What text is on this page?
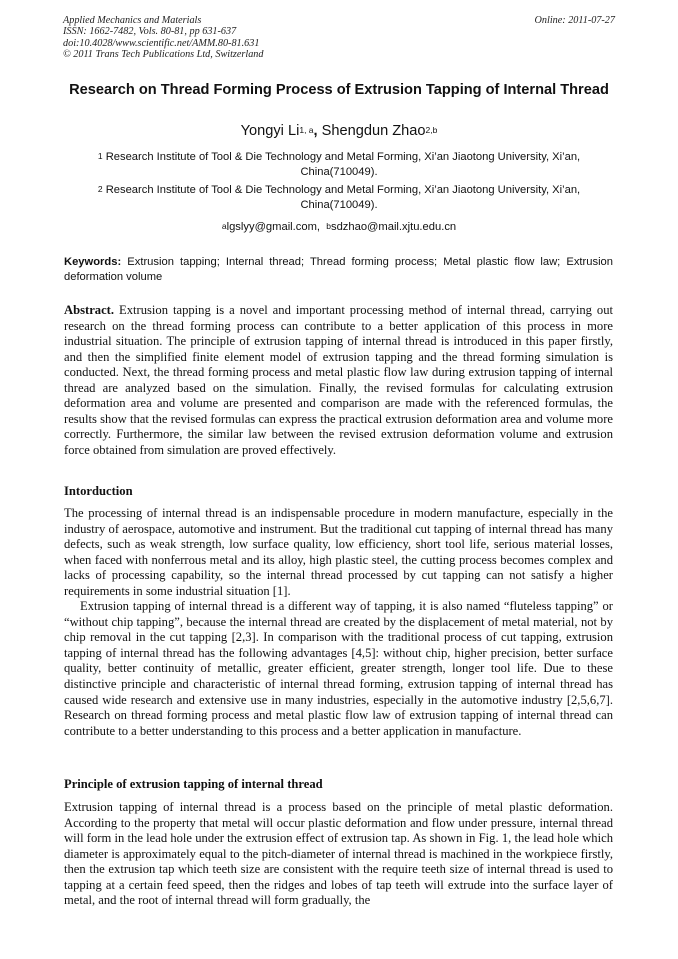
Applied Mechanics and Materials
ISSN: 1662-7482, Vols. 80-81, pp 631-637
doi:10.4028/www.scientific.net/AMM.80-81.631
© 2011 Trans Tech Publications Ltd, Switzerland
Online: 2011-07-27
Research on Thread Forming Process of Extrusion Tapping of Internal Thread
Yongyi Li$^{1, a}$, Shengdun Zhao$^{2,b}$
$^1$ Research Institute of Tool & Die Technology and Metal Forming, Xi’an Jiaotong University, Xi’an, China(710049).
$^2$ Research Institute of Tool & Die Technology and Metal Forming, Xi’an Jiaotong University, Xi’an, China(710049).
$^a$lgslyy@gmail.com, $^b$sdzhao@mail.xjtu.edu.cn
Keywords: Extrusion tapping; Internal thread; Thread forming process; Metal plastic flow law; Extrusion deformation volume
Abstract. Extrusion tapping is a novel and important processing method of internal thread, carrying out research on the thread forming process can contribute to a better application of this process in more industrial situation. The principle of extrusion tapping of internal thread is introduced in this paper firstly, and then the simplified finite element model of extrusion tapping and the thread forming simulation is conducted. Next, the thread forming process and metal plastic flow law during extrusion tapping of internal thread are analyzed based on the simulation. Finally, the revised formulas for calculating extrusion deformation area and volume are presented and comparison are made with the referenced formulas, the results show that the revised formulas can express the practical extrusion deformation area and volume more correctly. Furthermore, the similar law between the revised extrusion deformation volume and extrusion force obtained from simulation are proved effectively.
Intorduction

The processing of internal thread is an indispensable procedure in modern manufacture, especially in the industry of aerospace, automotive and instrument. But the traditional cut tapping of internal thread has many defects, such as weak strength, low surface quality, low efficiency, short tool life, serious material losses, when faced with nonferrous metal and its alloy, high plastic steel, the cutting process becomes complex and lacks of processing capability, so the internal thread processed by cut tapping can not satisfy a higher requirements in some industrial situation [1].

Extrusion tapping of internal thread is a different way of tapping, it is also named “fluteless tapping” or “without chip tapping”, because the internal thread are created by the displacement of metal material, not by chip removal in the cut tapping [2,3]. In comparison with the traditional process of cut tapping, extrusion tapping of internal thread has the following advantages [4,5]: without chip, higher precision, better surface quality, better continuity of metallic, greater efficient, greater strength, longer tool life. Due to these distinctive principle and characteristic of internal thread forming, extrusion tapping of internal thread has caused wide research and extensive use in many industries, especially in the automotive industry [2,5,6,7]. Research on thread forming process and metal plastic flow law of extrusion tapping of internal thread can contribute to a better understanding to this process and a better application in manufacture.

Principle of extrusion tapping of internal thread
Extrusion tapping of internal thread is a process based on the principle of metal plastic deformation. According to the property that metal will occur plastic deformation and flow under pressure, internal thread will form in the lead hole under the extrusion effect of extrusion tap. As shown in Fig. 1, the lead hole which diameter is approximately equal to the pitch-diameter of internal thread is machined in the workpiece firstly, then the extrusion tap which teeth size are consistent with the require teeth size of internal thread is used to tapping at a certain feed speed, then the ridges and lobes of tap teeth will extrude into the surface layer of metal, and the root of internal thread will form gradually, the
